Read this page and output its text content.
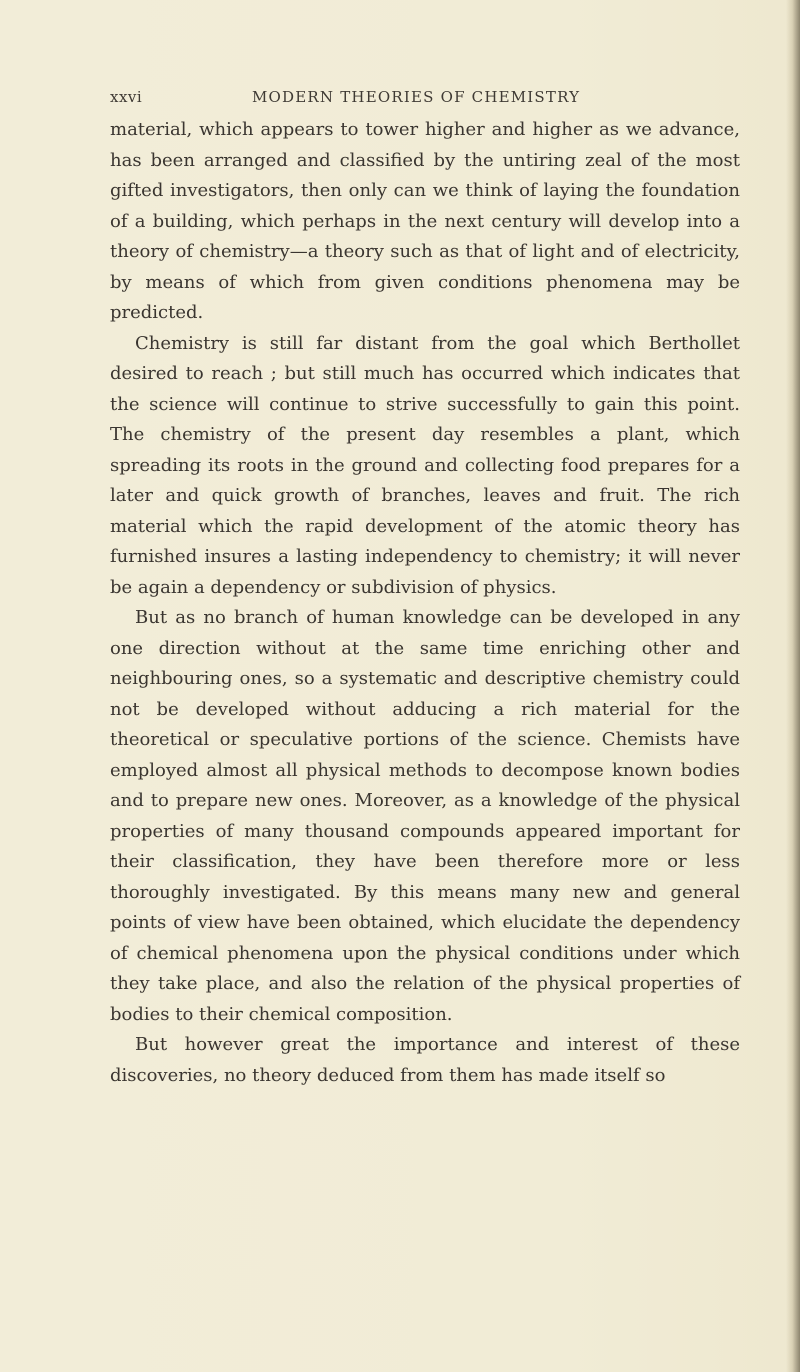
xxvi	MODERN THEORIES OF CHEMISTRY

material, which appears to tower higher and higher as we advance, has been arranged and classified by the untiring zeal of the most gifted investigators, then only can we think of laying the foundation of a building, which perhaps in the next century will develop into a theory of chemistry—a theory such as that of light and of electricity, by means of which from given conditions phenomena may be predicted.

Chemistry is still far distant from the goal which Berthollet desired to reach ; but still much has occurred which indicates that the science will continue to strive successfully to gain this point. The chemistry of the present day resembles a plant, which spreading its roots in the ground and collecting food prepares for a later and quick growth of branches, leaves and fruit. The rich material which the rapid development of the atomic theory has furnished insures a lasting independency to chemistry; it will never be again a dependency or subdivision of physics.

But as no branch of human knowledge can be developed in any one direction without at the same time enriching other and neighbouring ones, so a systematic and descriptive chemistry could not be developed without adducing a rich material for the theoretical or speculative portions of the science. Chemists have employed almost all physical methods to decompose known bodies and to prepare new ones. Moreover, as a knowledge of the physical properties of many thousand compounds appeared important for their classification, they have been therefore more or less thoroughly investigated. By this means many new and general points of view have been obtained, which elucidate the dependency of chemical phenomena upon the physical conditions under which they take place, and also the relation of the physical properties of bodies to their chemical composition.

But however great the importance and interest of these discoveries, no theory deduced from them has made itself so
